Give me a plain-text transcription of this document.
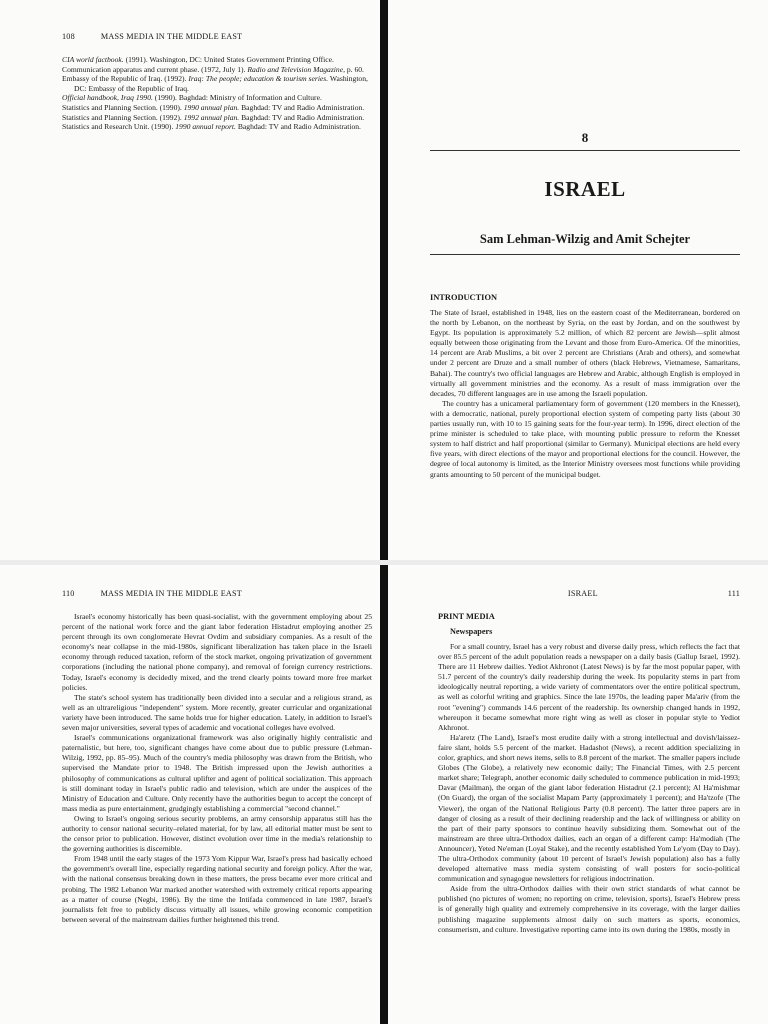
108	MASS MEDIA IN THE MIDDLE EAST

CIA world factbook. (1991). Washington, DC: United States Government Printing Office.

Communication apparatus and current phase. (1972, July 1). Radio and Television Magazine, p. 60.

Embassy of the Republic of Iraq. (1992). Iraq: The people; education & tourism series. Washington, DC: Embassy of the Republic of Iraq.

Official handbook, Iraq 1990. (1990). Baghdad: Ministry of Information and Culture.

Statistics and Planning Section. (1990). 1990 annual plan. Baghdad: TV and Radio Administration.

Statistics and Planning Section. (1992). 1992 annual plan. Baghdad: TV and Radio Administration.

Statistics and Research Unit. (1990). 1990 annual report. Baghdad: TV and Radio Administration.

8
ISRAEL
Sam Lehman-Wilzig and Amit Schejter
INTRODUCTION

The State of Israel, established in 1948, lies on the eastern coast of the Mediterranean, bordered on the north by Lebanon, on the northeast by Syria, on the east by Jordan, and on the southwest by Egypt. Its population is approximately 5.2 million, of which 82 percent are Jewish—split almost equally between those originating from the Levant and those from Euro-America. Of the minorities, 14 percent are Arab Muslims, a bit over 2 percent are Christians (Arab and others), and somewhat under 2 percent are Druze and a small number of others (black Hebrews, Vietnamese, Samaritans, Bahai). The country's two official languages are Hebrew and Arabic, although English is employed in virtually all government ministries and the economy. As a result of mass immigration over the decades, 70 different languages are in use among the Israeli population.

The country has a unicameral parliamentary form of government (120 members in the Knesset), with a democratic, national, purely proportional election system of competing party lists (about 30 parties usually run, with 10 to 15 gaining seats for the four-year term). In 1996, direct election of the prime minister is scheduled to take place, with mounting public pressure to reform the Knesset system to half district and half proportional (similar to Germany). Municipal elections are held every five years, with direct elections of the mayor and proportional elections for the council. However, the degree of local autonomy is limited, as the Interior Ministry oversees most functions while providing grants amounting to 50 percent of the municipal budget.

110	MASS MEDIA IN THE MIDDLE EAST

Israel's economy historically has been quasi-socialist, with the government employing about 25 percent of the national work force and the giant labor federation Histadrut employing another 25 percent through its own conglomerate Hevrat Ovdim and subsidiary companies. As a result of the economy's near collapse in the mid-1980s, significant liberalization has taken place in the Israeli economy through reduced taxation, reform of the stock market, ongoing privatization of government corporations (including the national phone company), and removal of foreign currency restrictions. Today, Israel's economy is decidedly mixed, and the trend clearly points toward more free market policies.

The state's school system has traditionally been divided into a secular and a religious strand, as well as an ultrareligious "independent" system. More recently, greater curricular and organizational variety have been introduced. The same holds true for higher education. Lately, in addition to Israel's seven major universities, several types of academic and vocational colleges have evolved.

Israel's communications organizational framework was also originally highly centralistic and paternalistic, but here, too, significant changes have come about due to public pressure (Lehman-Wilzig, 1992, pp. 85–95). Much of the country's media philosophy was drawn from the British, who supervised the Mandate prior to 1948. The British impressed upon the Jewish authorities a philosophy of communications as cultural uplifter and agent of political socialization. This approach is still dominant today in Israel's public radio and television, which are under the auspices of the Ministry of Education and Culture. Only recently have the authorities begun to accept the concept of mass media as pure entertainment, grudgingly establishing a commercial "second channel."

Owing to Israel's ongoing serious security problems, an army censorship apparatus still has the authority to censor national security–related material, for by law, all editorial matter must be sent to the censor prior to publication. However, distinct evolution over time in the media's relationship to the governing authorities is discernible.

From 1948 until the early stages of the 1973 Yom Kippur War, Israel's press had basically echoed the government's overall line, especially regarding national security and foreign policy. After the war, with the national consensus breaking down in these matters, the press became ever more critical and probing. The 1982 Lebanon War marked another watershed with extremely critical reports appearing as a matter of course (Negbi, 1986). By the time the Intifada commenced in late 1987, Israel's journalists felt free to publicly discuss virtually all issues, while growing economic competition between several of the mainstream dailies further heightened this trend.

ISRAEL	111
PRINT MEDIA
Newspapers

For a small country, Israel has a very robust and diverse daily press, which reflects the fact that over 85.5 percent of the adult population reads a newspaper on a daily basis (Gallup Israel, 1992). There are 11 Hebrew dailies. Yediot Akhronot (Latest News) is by far the most popular paper, with 51.7 percent of the country's daily readership during the week. Its popularity stems in part from ideologically neutral reporting, a wide variety of commentators over the entire political spectrum, as well as colorful writing and graphics. Since the late 1970s, the leading paper Ma'ariv (from the root "evening") commands 14.6 percent of the readership. Its ownership changed hands in 1992, whereupon it became somewhat more right wing as well as closer in popular style to Yediot Akhronot.

Ha'aretz (The Land), Israel's most erudite daily with a strong intellectual and dovish/laissez-faire slant, holds 5.5 percent of the market. Hadashot (News), a recent addition specializing in color, graphics, and short news items, sells to 8.8 percent of the market. The smaller papers include Globes (The Globe), a relatively new economic daily; The Financial Times, with 2.5 percent market share; Telegraph, another economic daily scheduled to commence publication in mid-1993; Davar (Mailman), the organ of the giant labor federation Histadrut (2.1 percent); Al Ha'mishmar (On Guard), the organ of the socialist Mapam Party (approximately 1 percent); and Ha'tzofe (The Viewer), the organ of the National Religious Party (0.8 percent). The latter three papers are in danger of closing as a result of their declining readership and the lack of willingness or ability on the part of their party sponsors to continue heavily subsidizing them. Somewhat out of the mainstream are three ultra-Orthodox dailies, each an organ of a different camp: Ha'modiah (The Announcer), Yeted Ne'eman (Loyal Stake), and the recently established Yom Le'yom (Day to Day). The ultra-Orthodox community (about 10 percent of Israel's Jewish population) also has a fully developed alternative mass media system consisting of wall posters for socio-political communication and synagogue newsletters for religious indoctrination.

Aside from the ultra-Orthodox dailies with their own strict standards of what cannot be published (no pictures of women; no reporting on crime, television, sports), Israel's Hebrew press is of generally high quality and extremely comprehensive in its coverage, with the larger dailies publishing magazine supplements almost daily on such matters as sports, economics, consumerism, and culture. Investigative reporting came into its own during the 1980s, mostly in
